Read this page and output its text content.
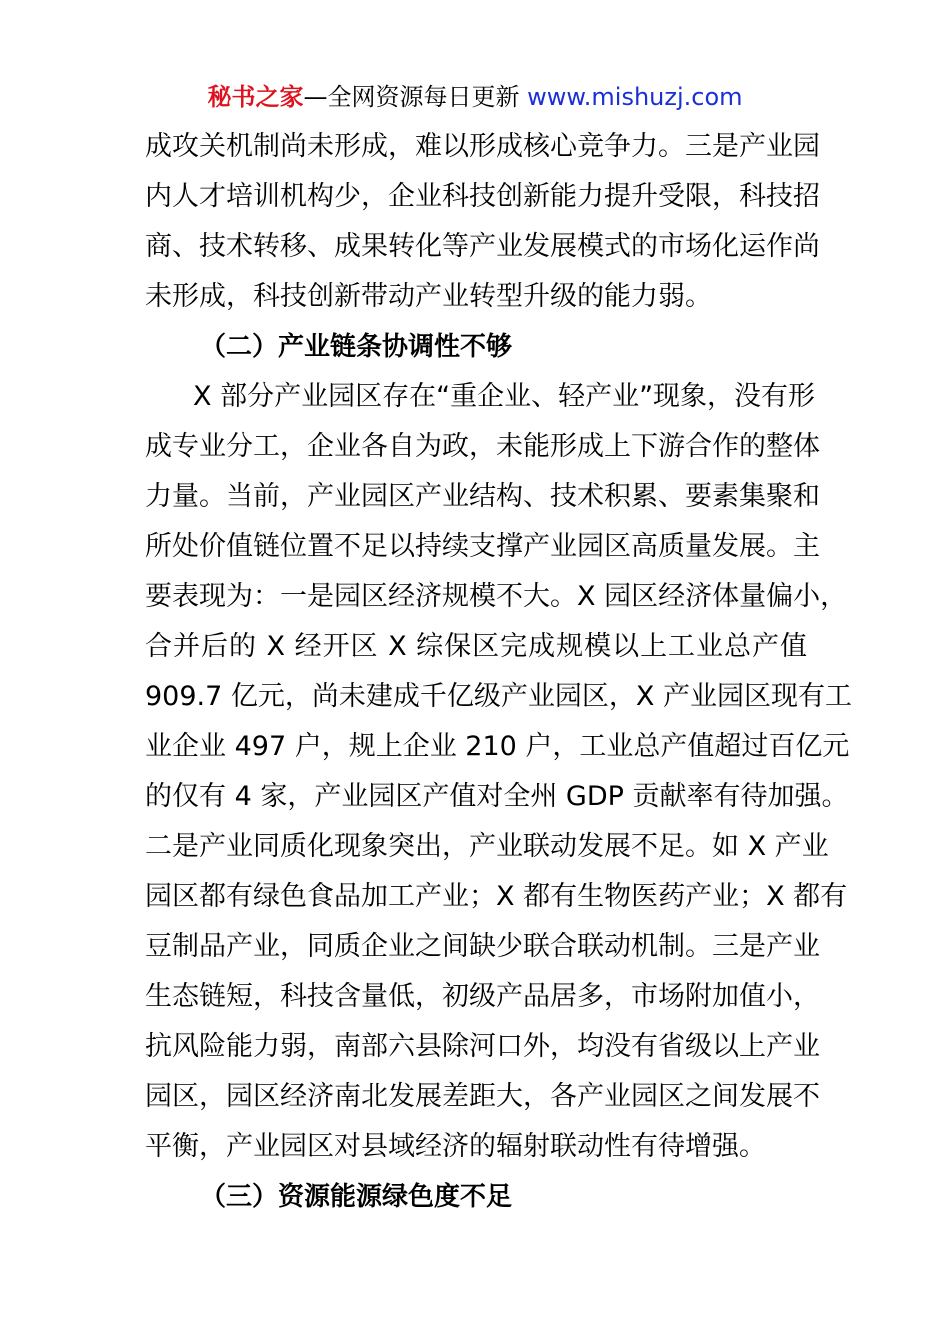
秘书之家—全网资源每日更新 www.mishuzj.com
成攻关机制尚未形成，难以形成核心竞争力。三是产业园
内人才培训机构少，企业科技创新能力提升受限，科技招
商、技术转移、成果转化等产业发展模式的市场化运作尚
未形成，科技创新带动产业转型升级的能力弱。
（二）产业链条协调性不够
X 部分产业园区存在“重企业、轻产业”现象，没有形
成专业分工，企业各自为政，未能形成上下游合作的整体
力量。当前，产业园区产业结构、技术积累、要素集聚和
所处价值链位置不足以持续支撑产业园区高质量发展。主
要表现为：一是园区经济规模不大。X 园区经济体量偏小，
合并后的 X 经开区 X 综保区完成规模以上工业总产值
909.7 亿元，尚未建成千亿级产业园区，X 产业园区现有工
业企业 497 户，规上企业 210 户，工业总产值超过百亿元
的仅有 4 家，产业园区产值对全州 GDP 贡献率有待加强。
二是产业同质化现象突出，产业联动发展不足。如 X 产业
园区都有绿色食品加工产业；X 都有生物医药产业；X 都有
豆制品产业，同质企业之间缺少联合联动机制。三是产业
生态链短，科技含量低，初级产品居多，市场附加值小，
抗风险能力弱，南部六县除河口外，均没有省级以上产业
园区，园区经济南北发展差距大，各产业园区之间发展不
平衡，产业园区对县域经济的辐射联动性有待增强。
（三）资源能源绿色度不足
